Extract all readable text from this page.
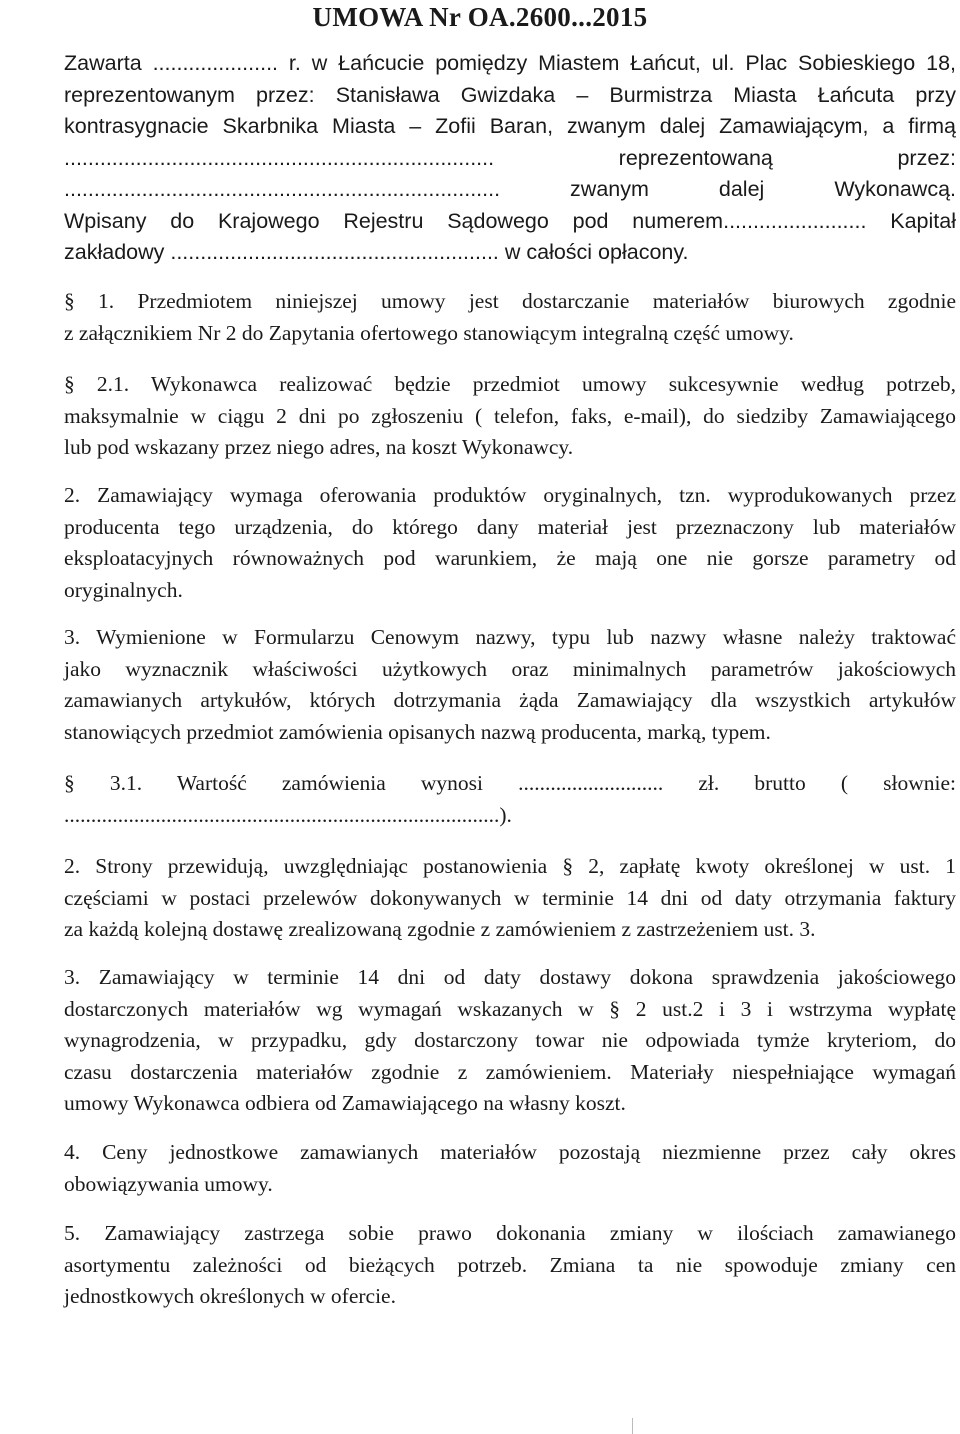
UMOWA Nr OA.2600...2015

Zawarta ..................... r. w Łańcucie pomiędzy Miastem Łańcut, ul. Plac Sobieskiego 18,

reprezentowanym przez: Stanisława Gwizdaka – Burmistrza Miasta Łańcuta przy

kontrasygnacie Skarbnika Miasta – Zofii Baran, zwanym dalej Zamawiającym, a firmą

........................................................................ reprezentowaną przez:

......................................................................... zwanym dalej Wykonawcą.

Wpisany do Krajowego Rejestru Sądowego pod numerem........................ Kapitał

zakładowy ....................................................... w całości opłacony.

§ 1. Przedmiotem niniejszej umowy jest dostarczanie materiałów biurowych zgodnie

z załącznikiem Nr 2 do Zapytania ofertowego stanowiącym integralną część umowy.

§ 2.1. Wykonawca realizować będzie przedmiot umowy sukcesywnie według potrzeb,

maksymalnie w ciągu 2 dni po zgłoszeniu ( telefon, faks, e-mail), do siedziby Zamawiającego

lub pod wskazany przez niego adres, na koszt Wykonawcy.

2. Zamawiający wymaga oferowania produktów oryginalnych, tzn. wyprodukowanych przez

producenta tego urządzenia, do którego dany materiał jest przeznaczony lub materiałów

eksploatacyjnych równoważnych pod warunkiem, że mają one nie gorsze parametry od

oryginalnych.

3. Wymienione w Formularzu Cenowym nazwy, typu lub nazwy własne należy traktować

jako wyznacznik właściwości użytkowych oraz minimalnych parametrów jakościowych

zamawianych artykułów, których dotrzymania żąda Zamawiający dla wszystkich artykułów

stanowiących przedmiot zamówienia opisanych nazwą producenta, marką, typem.

§ 3.1. Wartość zamówienia wynosi ........................... zł. brutto ( słownie:

.................................................................................).

2. Strony przewidują, uwzględniając postanowienia § 2, zapłatę kwoty określonej w ust. 1

częściami w postaci przelewów dokonywanych w terminie 14 dni od daty otrzymania faktury

za każdą kolejną dostawę zrealizowaną zgodnie z zamówieniem z zastrzeżeniem ust. 3.

3. Zamawiający w terminie 14 dni od daty dostawy dokona sprawdzenia jakościowego

dostarczonych materiałów wg wymagań wskazanych w § 2 ust.2 i 3 i wstrzyma wypłatę

wynagrodzenia, w przypadku, gdy dostarczony towar nie odpowiada tymże kryteriom, do

czasu dostarczenia materiałów zgodnie z zamówieniem. Materiały niespełniające wymagań

umowy Wykonawca odbiera od Zamawiającego na własny koszt.

4. Ceny jednostkowe zamawianych materiałów pozostają niezmienne przez cały okres

obowiązywania umowy.

5. Zamawiający zastrzega sobie prawo dokonania zmiany w ilościach zamawianego

asortymentu zależności od bieżących potrzeb. Zmiana ta nie spowoduje zmiany cen

jednostkowych określonych w ofercie.
